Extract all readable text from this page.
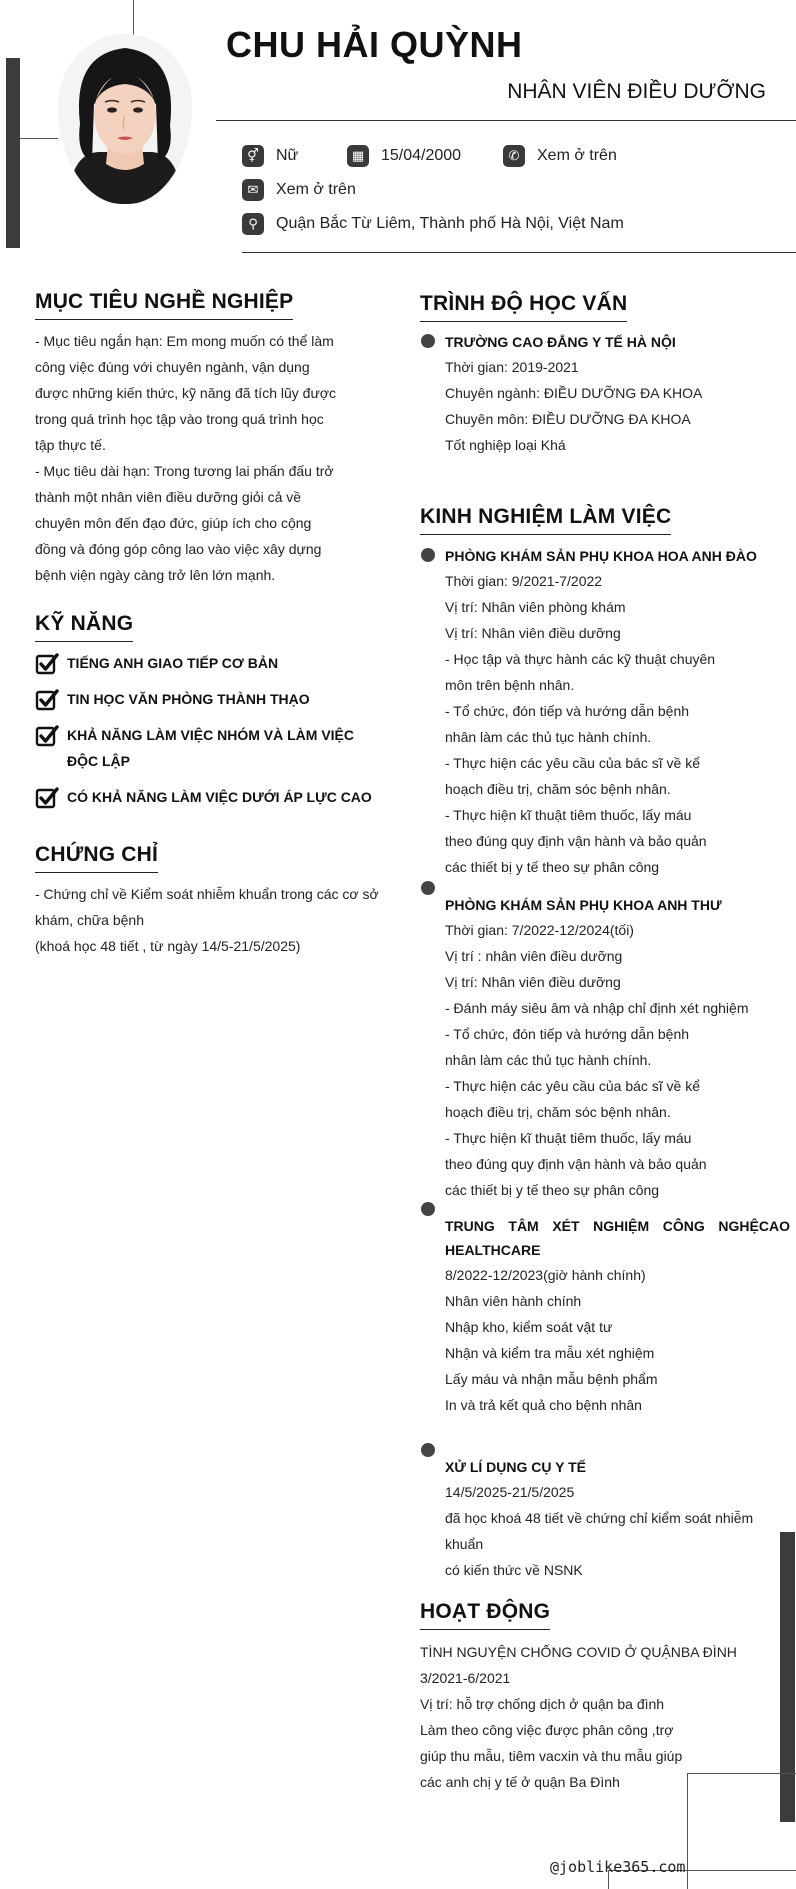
CHU HẢI QUỲNH
NHÂN VIÊN ĐIỀU DƯỠNG
⚥	Nữ	▦	15/04/2000	✆	Xem ở trên
✉	Xem ở trên
⚲	Quận Bắc Từ Liêm, Thành phố Hà Nội, Việt Nam
MỤC TIÊU NGHỀ NGHIỆP
- Mục tiêu ngắn hạn: Em mong muốn có thể làm
công việc đúng với chuyên ngành, vận dụng
được những kiến thức, kỹ năng đã tích lũy được
trong quá trình học tập vào trong quá trình học
tập thực tế.
- Mục tiêu dài hạn: Trong tương lai phấn đấu trở
thành một nhân viên điều dưỡng giỏi cả về
chuyên môn đến đạo đức, giúp ích cho cộng
đồng và đóng góp công lao vào việc xây dựng
bệnh viện ngày càng trở lên lớn mạnh.
KỸ NĂNG
TIẾNG ANH GIAO TIẾP CƠ BẢN
TIN HỌC VĂN PHÒNG THÀNH THẠO
KHẢ NĂNG LÀM VIỆC NHÓM VÀ LÀM VIỆC ĐỘC LẬP
CÓ KHẢ NĂNG LÀM VIỆC DƯỚI ÁP LỰC CAO
CHỨNG CHỈ
- Chứng chỉ về Kiểm soát nhiễm khuẩn trong các cơ sở
khám, chữa bệnh
(khoá học 48 tiết , từ ngày 14/5-21/5/2025)
TRÌNH ĐỘ HỌC VẤN
TRƯỜNG CAO ĐẲNG Y TẾ HÀ NỘI
Thời gian: 2019-2021
Chuyên ngành: ĐIỀU DƯỠNG ĐA KHOA
Chuyên môn: ĐIỀU DƯỠNG ĐA KHOA
Tốt nghiệp loại Khá
KINH NGHIỆM LÀM VIỆC
PHÒNG KHÁM SẢN PHỤ KHOA HOA ANH ĐÀO
Thời gian: 9/2021-7/2022
Vị trí: Nhân viên phòng khám
Vị trí: Nhân viên điều dưỡng
- Học tập và thực hành các kỹ thuật chuyên
môn trên bệnh nhân.
- Tổ chức, đón tiếp và hướng dẫn bệnh
nhân làm các thủ tục hành chính.
- Thực hiện các yêu cầu của bác sĩ về kể
hoạch điều trị, chăm sóc bệnh nhân.
- Thực hiện kĩ thuật tiêm thuốc, lấy máu
theo đúng quy định vận hành và bảo quản
các thiết bị y tế theo sự phân công
PHÒNG KHÁM SẢN PHỤ KHOA ANH THƯ
Thời gian: 7/2022-12/2024(tối)
Vị trí : nhân viên điều dưỡng
Vị trí: Nhân viên điều dưỡng
- Đánh máy siêu âm và nhập chỉ định xét nghiệm
- Tổ chức, đón tiếp và hướng dẫn bệnh
nhân làm các thủ tục hành chính.
- Thực hiện các yêu cầu của bác sĩ về kể
hoạch điều trị, chăm sóc bệnh nhân.
- Thực hiện kĩ thuật tiêm thuốc, lấy máu
theo đúng quy định vận hành và bảo quản
các thiết bị y tế theo sự phân công
TRUNG TÂM XÉT NGHIỆM CÔNG NGHỆCAO HEALTHCARE
8/2022-12/2023(giờ hành chính)
Nhân viên hành chính
Nhập kho, kiểm soát vật tư
Nhận và kiểm tra mẫu xét nghiệm
Lấy máu và nhận mẫu bệnh phẩm
In và trả kết quả cho bệnh nhân
XỬ LÍ DỤNG CỤ Y TẾ
14/5/2025-21/5/2025
đã học khoá 48 tiết về chứng chỉ kiểm soát nhiễm
khuẩn
có kiến thức về NSNK
HOẠT ĐỘNG
TÌNH NGUYỆN CHỐNG COVID Ở QUẬNBA ĐÌNH
3/2021-6/2021
Vị trí: hỗ trợ chống dịch ở quận ba đình
Làm theo công việc được phân công ,trợ
giúp thu mẫu, tiêm vacxin và thu mẫu giúp
các anh chị y tế ở quận Ba Đình
@joblike365.com
